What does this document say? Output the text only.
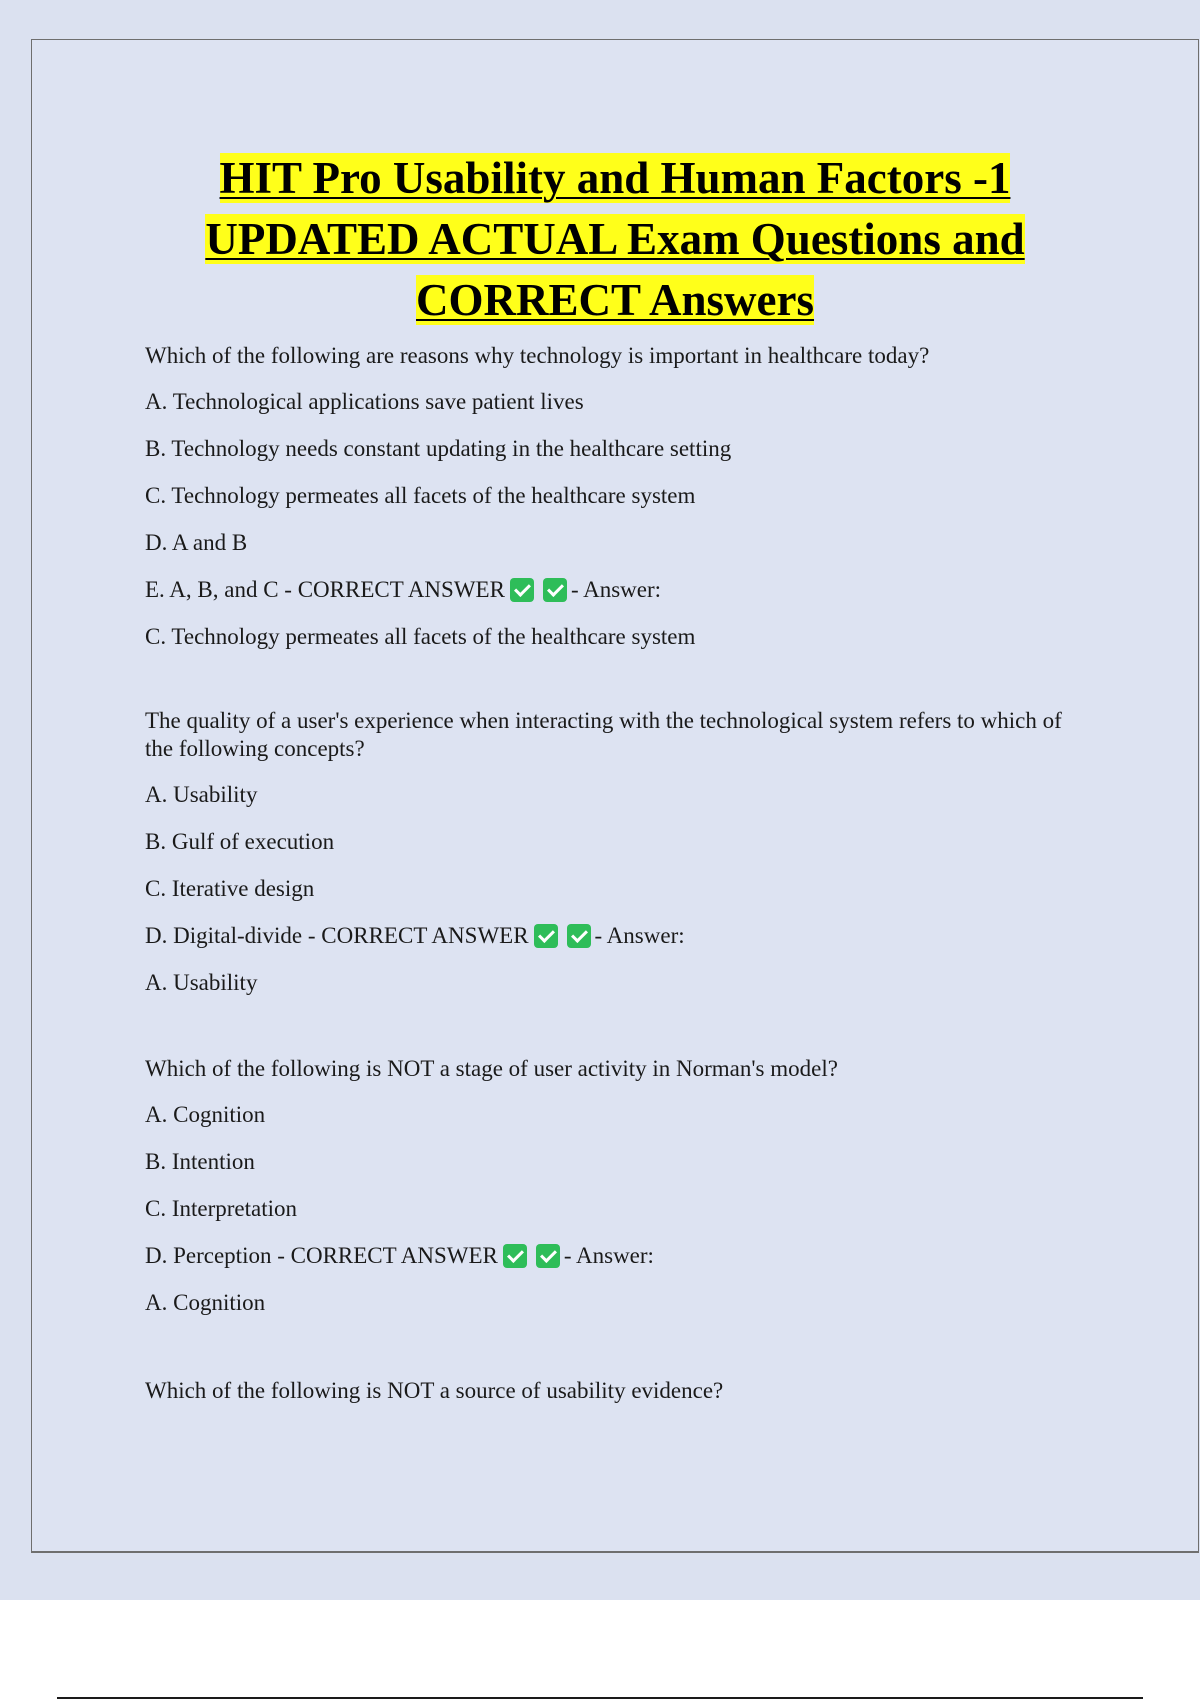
HIT Pro Usability and Human Factors -1
UPDATED ACTUAL Exam Questions and
CORRECT Answers

Which of the following are reasons why technology is important in healthcare today?

A. Technological applications save patient lives
B. Technology needs constant updating in the healthcare setting
C. Technology permeates all facets of the healthcare system
D. A and B
E. A, B, and C - CORRECT ANSWER	- Answer:
C. Technology permeates all facets of the healthcare system

The quality of a user's experience when interacting with the technological system refers to which of the following concepts?

A. Usability
B. Gulf of execution
C. Iterative design
D. Digital-divide - CORRECT ANSWER	- Answer:
A. Usability

Which of the following is NOT a stage of user activity in Norman's model?

A. Cognition
B. Intention
C. Interpretation
D. Perception - CORRECT ANSWER	- Answer:
A. Cognition

Which of the following is NOT a source of usability evidence?
